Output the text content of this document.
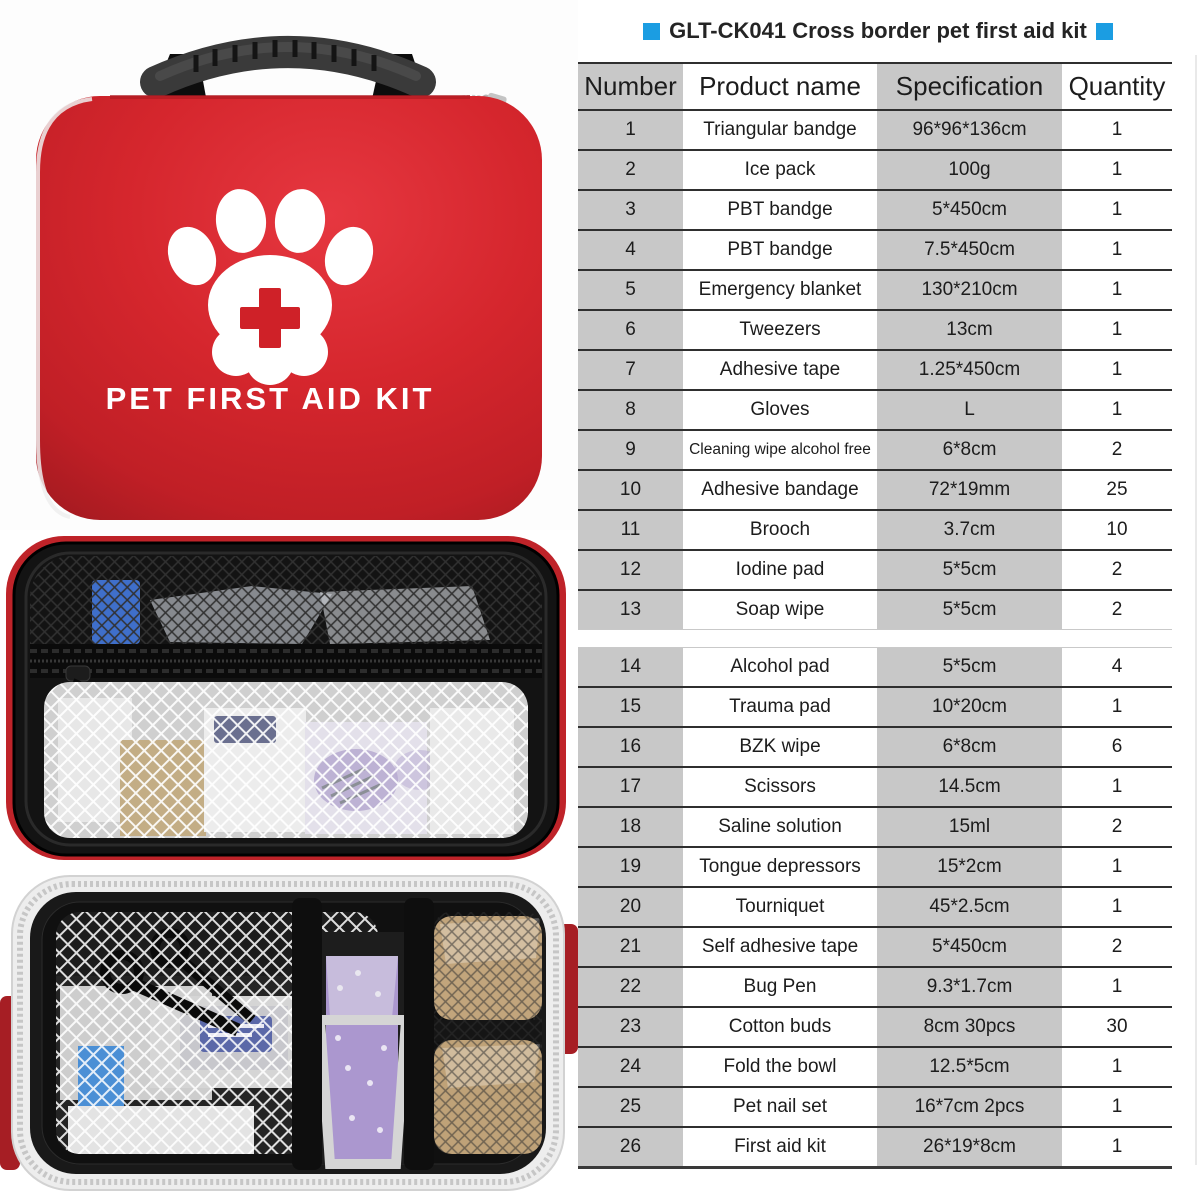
PET FIRST AID KIT
GLT-CK041 Cross border pet first aid kit
Number	Product name	Specification	Quantity
1	Triangular bandge	96*96*136cm	1
2	Ice pack	100g	1
3	PBT bandge	5*450cm	1
4	PBT bandge	7.5*450cm	1
5	Emergency blanket	130*210cm	1
6	Tweezers	13cm	1
7	Adhesive tape	1.25*450cm	1
8	Gloves	L	1
9	Cleaning wipe alcohol free	6*8cm	2
10	Adhesive bandage	72*19mm	25
11	Brooch	3.7cm	10
12	Iodine pad	5*5cm	2
13	Soap wipe	5*5cm	2
14	Alcohol pad	5*5cm	4
15	Trauma pad	10*20cm	1
16	BZK wipe	6*8cm	6
17	Scissors	14.5cm	1
18	Saline solution	15ml	2
19	Tongue depressors	15*2cm	1
20	Tourniquet	45*2.5cm	1
21	Self adhesive tape	5*450cm	2
22	Bug Pen	9.3*1.7cm	1
23	Cotton buds	8cm 30pcs	30
24	Fold the bowl	12.5*5cm	1
25	Pet nail set	16*7cm 2pcs	1
26	First aid kit	26*19*8cm	1
